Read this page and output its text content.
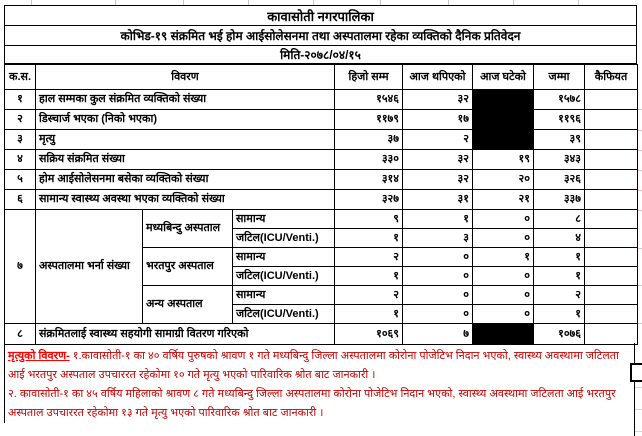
कावासोती नगरपालिका
कोभिड-१९ संक्रमित भई होम आईसोलेसनमा तथा अस्पतालमा रहेका व्यक्तिको दैनिक प्रतिवेदन
मिति-२०७८/०४/१५
क.स.	विवरण			हिजो सम्म	आज थपिएको	आज घटेको	जम्मा	कैफियत
१	हाल सम्मका कुल संक्रमित व्यक्तिको संख्या			१५४६	३२		१५७८	
२	डिस्चार्ज भएका (निको भएका)			११७९	१७		११९६	
३	मृत्यु			३७	२		३९	
४	सक्रिय संक्रमित संख्या			३३०	३२	१९	३४३	
५	होम आईसोलेसनमा बसेका व्यक्तिको संख्या			३१४	३२	२०	३२६	
६	सामान्य स्वास्थ्य अवस्था भएका व्यक्तिको संख्या			३२७	३१	२१	३३७	
७	अस्पतालमा भर्ना संख्या	मध्यबिन्दु अस्पताल	सामान्य	९	१	०	८	
			जटिल(ICU/Venti.)	१	३	०	४	
		भरतपुर अस्पताल	सामान्य	२	०	१	१	
			जटिल(ICU/Venti.)	१	०	०	१	
		अन्य अस्पताल	सामान्य	२	०	०	२	
			जटिल(ICU/Venti.)	१	०	०	१	
८	संक्रमितलाई स्वास्थ्य सहयोगी सामाग्री वितरण गरिएको			१०६९	७		१०७६	
मृत्युको विवरण- १.कावासोती-१ का ४० वर्षिय पुरुषको श्रावण १ गते मध्यबिन्दु जिल्ला अस्पतालमा कोरोना पोजेटिभ निदान भएको, स्वास्थ्य अवस्थामा जटिलता आई भरतपुर अस्पताल उपचाररत रहेकोमा १० गते मृत्यु भएको पारिवारिक श्रोत बाट जानकारी ।
२. कावासोती-१ का ४५ वर्षिय महिलाको श्रावण ८ गते मध्यबिन्दु जिल्ला अस्पतालमा कोरोना पोजेटिभ निदान भएको, स्वास्थ्य अवस्थामा जटिलता आई भरतपुर अस्पताल उपचाररत रहेकोमा १३ गते मृत्यु भएको पारिवारिक श्रोत बाट जानकारी ।
